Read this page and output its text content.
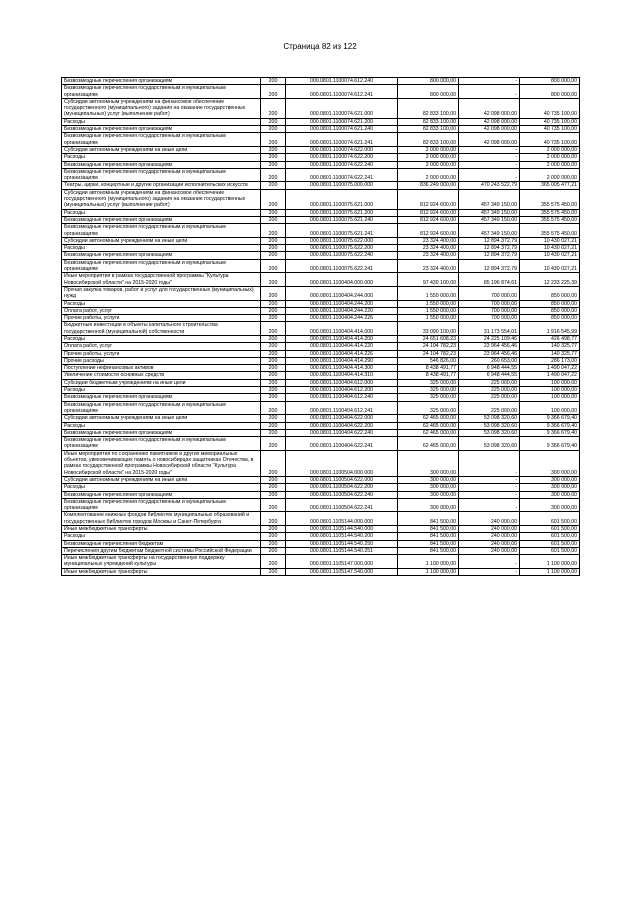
Страница 82 из 122
Безвозмездные перечисления организациям	200	000.0801.1100074.612.240	800 000,00	-	800 000,00
Безвозмездные перечисления государственным и муниципальным организациям	200	000.0801.1100074.612.241	800 000,00	-	800 000,00
Субсидии автономным учреждениям на финансовое обеспечение государственного (муниципального) задания на оказание государственных (муниципальных) услуг (выполнение работ)	200	000.0801.1100074.621.000	82 833 100,00	42 098 000,00	40 735 100,00
Расходы	200	000.0801.1100074.621.200	82 833 100,00	42 098 000,00	40 735 100,00
Безвозмездные перечисления организациям	200	000.0801.1100074.621.240	82 833 100,00	42 098 000,00	40 735 100,00
Безвозмездные перечисления государственным и муниципальным организациям	200	000.0801.1100074.621.241	82 833 100,00	42 098 000,00	40 735 100,00
Субсидии автономным учреждениям на иные цели	200	000.0801.1100074.622.000	2 000 000,00	-	2 000 000,00
Расходы	200	000.0801.1100074.622.200	2 000 000,00	-	2 000 000,00
Безвозмездные перечисления организациям	200	000.0801.1100074.622.240	2 000 000,00	-	2 000 000,00
Безвозмездные перечисления государственным и муниципальным организациям	200	000.0801.1100074.622.241	2 000 000,00	-	2 000 000,00
Театры, цирки, концертные и другие организации исполнительских искусств	200	000.0801.1100075.000.000	836 249 000,00	470 243 522,79	365 005 477,21
Субсидии автономным учреждениям на финансовое обеспечение государственного (муниципального) задания на оказание государственных (муниципальных) услуг (выполнение работ)	200	000.0801.1100075.621.000	812 924 600,00	457 349 150,00	355 575 450,00
Расходы	200	000.0801.1100075.621.200	812 924 600,00	457 349 150,00	355 575 450,00
Безвозмездные перечисления организациям	200	000.0801.1100075.621.240	812 924 600,00	457 349 150,00	355 575 450,00
Безвозмездные перечисления государственным и муниципальным организациям	200	000.0801.1100075.621.241	812 924 600,00	457 349 150,00	355 575 450,00
Субсидии автономным учреждениям на иные цели	200	000.0801.1100075.622.000	23 324 400,00	12 894 372,79	10 430 027,21
Расходы	200	000.0801.1100075.622.200	23 324 400,00	12 894 372,79	10 430 027,21
Безвозмездные перечисления организациям	200	000.0801.1100075.622.240	23 324 400,00	12 894 372,79	10 430 027,21
Безвозмездные перечисления государственным и муниципальным организациям	200	000.0801.1100075.622.241	23 324 400,00	12 894 372,79	10 430 027,21
Иные мероприятия в рамках государственной программы "Культура Новосибирской области" на 2015-2020 годы"	200	000.0801.1100404.000.000	97 430 100,00	85 196 874,61	12 233 225,39
Прочая закупка товаров, работ и услуг для государственных (муниципальных) нужд	200	000.0801.1100404.244.000	1 550 000,00	700 000,00	850 000,00
Расходы	200	000.0801.1100404.244.200	1 550 000,00	700 000,00	850 000,00
Оплата работ, услуг	200	000.0801.1100404.244.220	1 550 000,00	700 000,00	850 000,00
Прочие работы, услуги	200	000.0801.1100404.244.226	1 550 000,00	700 000,00	850 000,00
Бюджетные инвестиции в объекты капитального строительства государственной (муниципальной) собственности	200	000.0801.1100404.414.000	33 090 100,00	31 173 554,01	1 916 545,99
Расходы	200	000.0801.1100404.414.200	24 651 608,23	24 225 109,46	426 498,77
Оплата работ, услуг	200	000.0801.1100404.414.220	24 104 782,23	23 964 456,46	140 325,77
Прочие работы, услуги	200	000.0801.1100404.414.226	24 104 782,23	23 964 456,46	140 325,77
Прочие расходы	200	000.0801.1100404.414.290	546 826,00	260 653,00	286 173,00
Поступление нефинансовых активов	200	000.0801.1100404.414.300	8 438 491,77	6 948 444,55	1 490 047,22
Увеличение стоимости основных средств	200	000.0801.1100404.414.310	8 438 491,77	6 948 444,55	1 490 047,22
Субсидии бюджетным учреждениям на иные цели	200	000.0801.1100404.612.000	325 000,00	225 000,00	100 000,00
Расходы	200	000.0801.1100404.612.200	325 000,00	225 000,00	100 000,00
Безвозмездные перечисления организациям	200	000.0801.1100404.612.240	325 000,00	225 000,00	100 000,00
Безвозмездные перечисления государственным и муниципальным организациям	200	000.0801.1100404.612.241	325 000,00	225 000,00	100 000,00
Субсидии автономным учреждениям на иные цели	200	000.0801.1100404.622.000	62 465 000,00	53 098 320,60	9 366 679,40
Расходы	200	000.0801.1100404.622.200	62 465 000,00	53 098 320,60	9 366 679,40
Безвозмездные перечисления организациям	200	000.0801.1100404.622.240	62 465 000,00	53 098 320,60	9 366 679,40
Безвозмездные перечисления государственным и муниципальным организациям	200	000.0801.1100404.622.241	62 465 000,00	53 098 320,60	9 366 679,40
Иные мероприятия по сохранению памятников и других мемориальных объектов, увековечивающих память о новосибирцах-защитниках Отечества, в рамках государственной программы Новосибирской области "Культура Новосибирской области" на 2015-2020 годы"	200	000.0801.1100504.000.000	300 000,00	-	300 000,00
Субсидии автономным учреждениям на иные цели	200	000.0801.1100504.622.000	300 000,00	-	300 000,00
Расходы	200	000.0801.1100504.622.200	300 000,00	-	300 000,00
Безвозмездные перечисления организациям	200	000.0801.1100504.622.240	300 000,00	-	300 000,00
Безвозмездные перечисления государственным и муниципальным организациям	200	000.0801.1100504.622.241	300 000,00	-	300 000,00
Комплектование книжных фондов библиотек муниципальных образований и государственных библиотек городов Москвы и Санкт-Петербурга	200	000.0801.1105144.000.000	841 500,00	240 000,00	601 500,00
Иные межбюджетные трансферты	200	000.0801.1105144.540.000	841 500,00	240 000,00	601 500,00
Расходы	200	000.0801.1105144.540.200	841 500,00	240 000,00	601 500,00
Безвозмездные перечисления бюджетам	200	000.0801.1105144.540.250	841 500,00	240 000,00	601 500,00
Перечисления другим бюджетам бюджетной системы Российской Федерации	200	000.0801.1105144.540.251	841 500,00	240 000,00	601 500,00
Иные межбюджетные трансферты на государственную поддержку муниципальных учреждений культуры	200	000.0801.1105147.000.000	1 100 000,00	-	1 100 000,00
Иные межбюджетные трансферты	200	000.0801.1105147.540.000	1 100 000,00	-	1 100 000,00
